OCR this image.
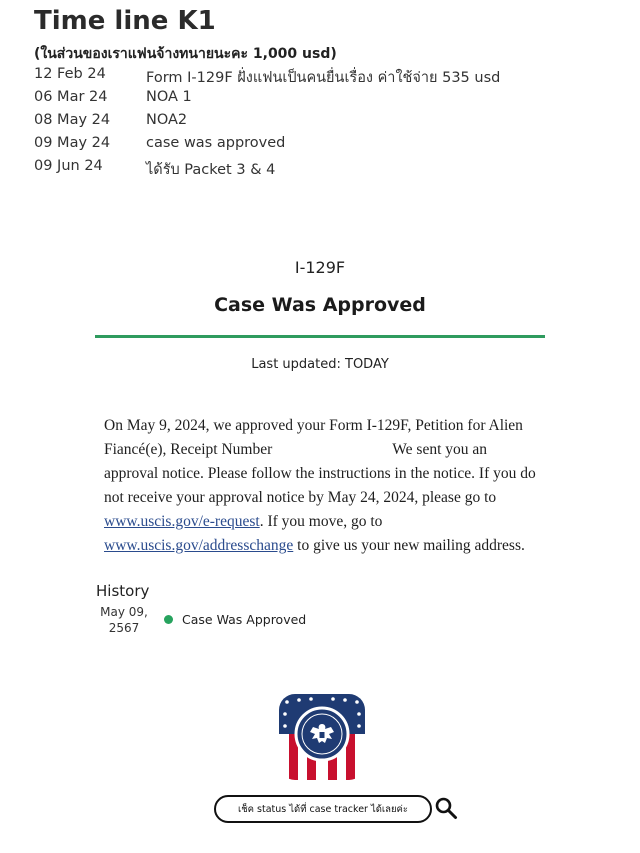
Time line K1
(ในส่วนของเราแฟนจ้างทนายนะคะ 1,000 usd)
12 Feb 24	Form I-129F ฝั่งแฟนเป็นคนยื่นเรื่อง ค่าใช้จ่าย 535 usd
06 Mar 24	NOA 1
08 May 24 NOA2
09 May 24 case was approved
09 Jun 24	ได้รับ Packet 3 & 4
I-129F
Case Was Approved
Last updated: TODAY
On May 9, 2024, we approved your Form I-129F, Petition for Alien
Fiancé(e), Receipt Number	We sent you an
approval notice. Please follow the instructions in the notice. If you do
not receive your approval notice by May 24, 2024, please go to
www.uscis.gov/e-request. If you move, go to
www.uscis.gov/addresschange to give us your new mailing address.
History
May 09,
2567
Case Was Approved
เช็ค status ได้ที่ case tracker ได้เลยค่ะ
